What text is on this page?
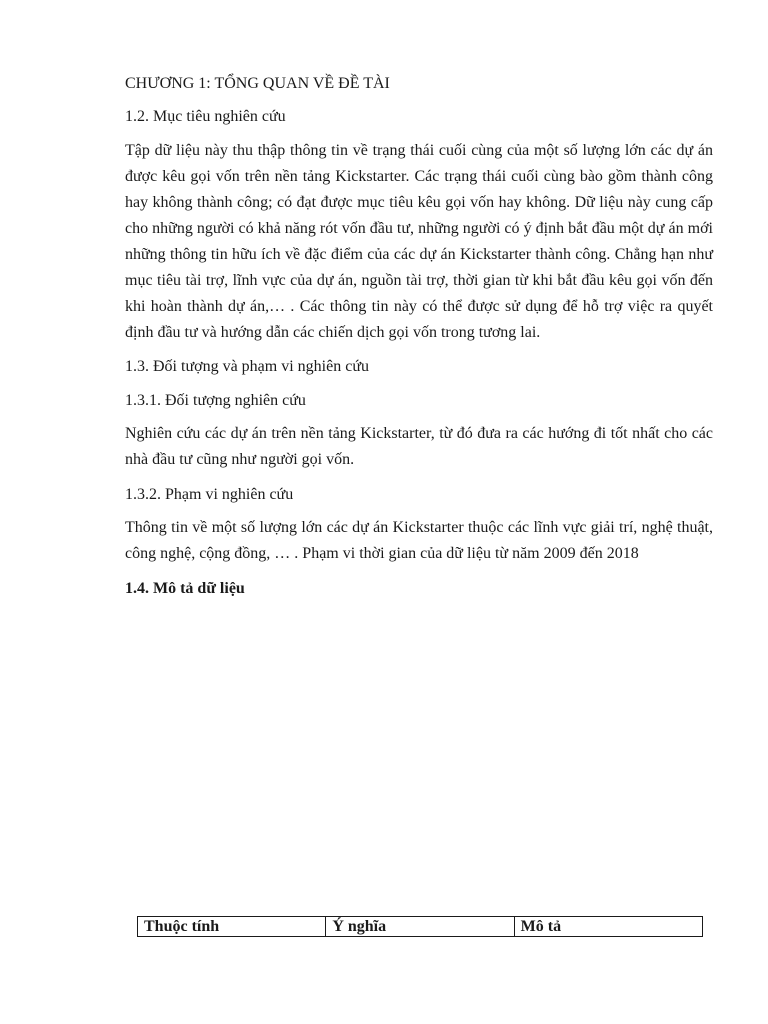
CHƯƠNG 1: TỔNG QUAN VỀ ĐỀ TÀI
1.2. Mục tiêu nghiên cứu
Tập dữ liệu này thu thập thông tin về trạng thái cuối cùng của một số lượng lớn các dự án được kêu gọi vốn trên nền tảng Kickstarter. Các trạng thái cuối cùng bào gồm thành công hay không thành công; có đạt được mục tiêu kêu gọi vốn hay không. Dữ liệu này cung cấp cho những người có khả năng rót vốn đầu tư, những người có ý định bắt đầu một dự án mới những thông tin hữu ích về đặc điểm của các dự án Kickstarter thành công. Chẳng hạn như mục tiêu tài trợ, lĩnh vực của dự án, nguồn tài trợ, thời gian từ khi bắt đầu kêu gọi vốn đến khi hoàn thành dự án,… . Các thông tin này có thể được sử dụng để hỗ trợ việc ra quyết định đầu tư và hướng dẫn các chiến dịch gọi vốn trong tương lai.
1.3. Đối tượng và phạm vi nghiên cứu
1.3.1. Đối tượng nghiên cứu
Nghiên cứu các dự án trên nền tảng Kickstarter, từ đó đưa ra các hướng đi tốt nhất cho các nhà đầu tư cũng như người gọi vốn.
1.3.2. Phạm vi nghiên cứu
Thông tin về một số lượng lớn các dự án Kickstarter thuộc các lĩnh vực giải trí, nghệ thuật, công nghệ, cộng đồng, … . Phạm vi thời gian của dữ liệu từ năm 2009 đến 2018
1.4. Mô tả dữ liệu
Thuộc tính	Ý nghĩa	Mô tả
